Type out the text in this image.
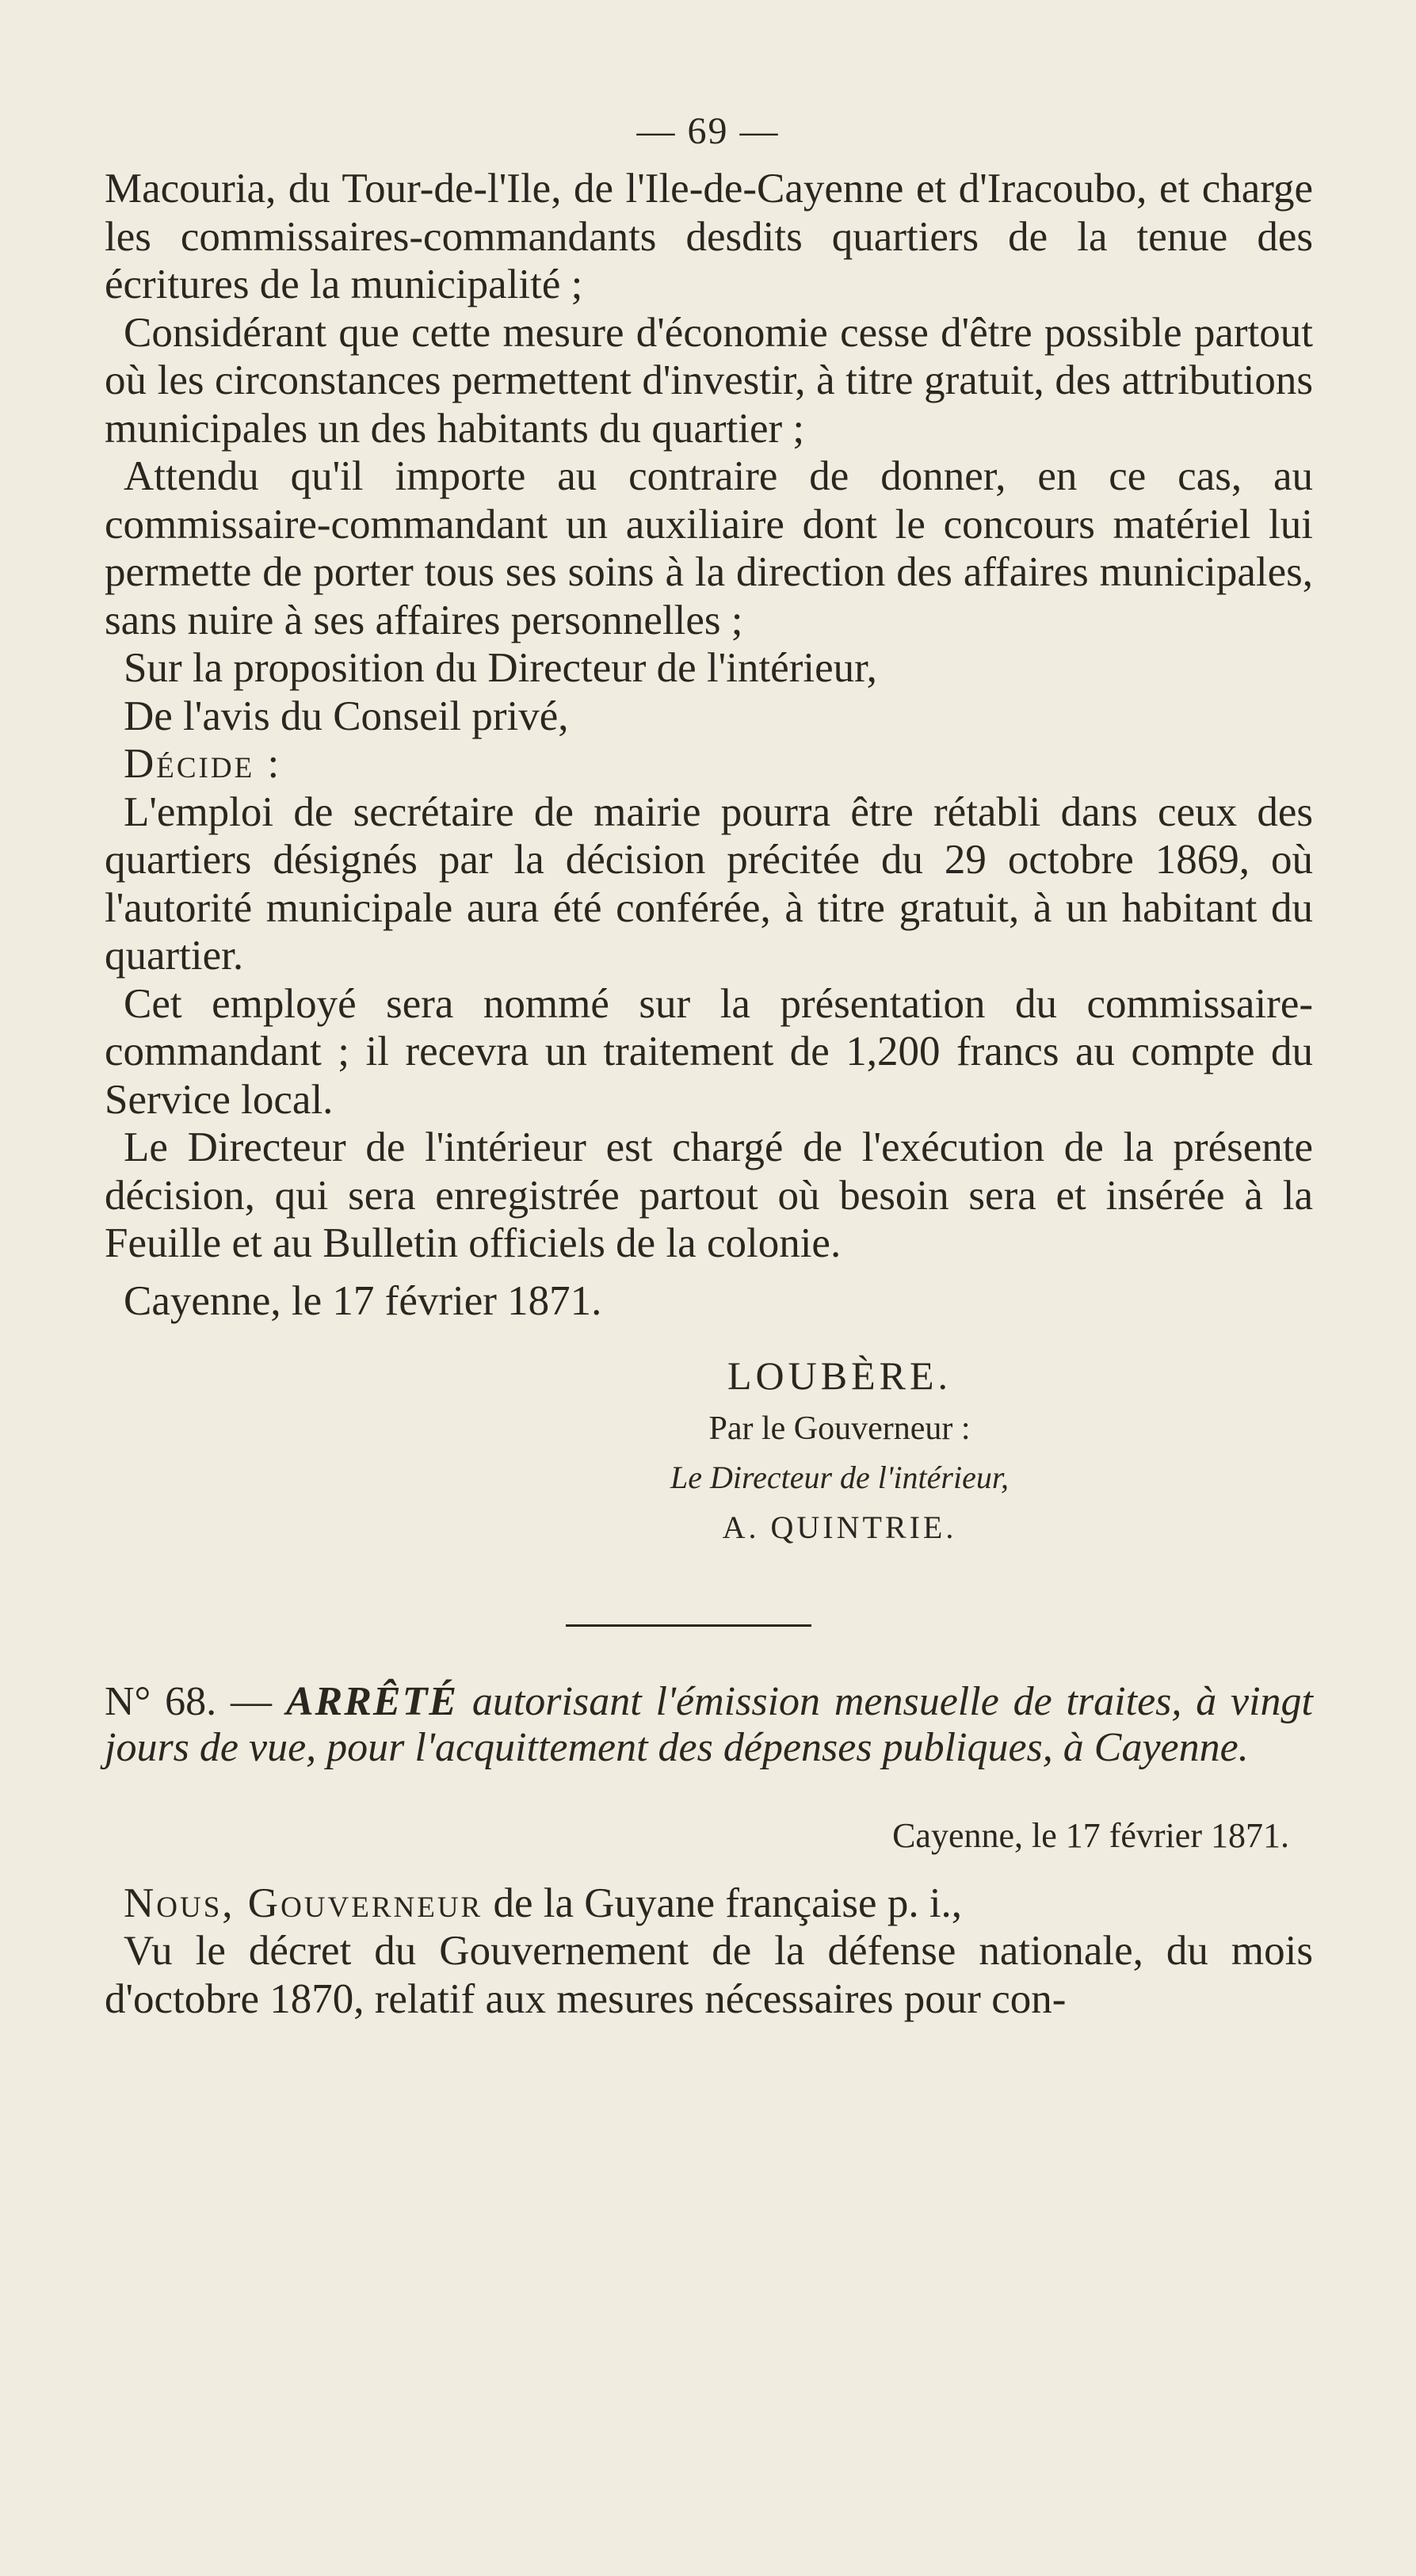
— 69 —

Macouria, du Tour-de-l'Ile, de l'Ile-de-Cayenne et d'Iracoubo, et charge les commissaires-commandants desdits quartiers de la tenue des écritures de la municipalité ;

Considérant que cette mesure d'économie cesse d'être possible partout où les circonstances permettent d'investir, à titre gratuit, des attributions municipales un des habitants du quartier ;

Attendu qu'il importe au contraire de donner, en ce cas, au commissaire-commandant un auxiliaire dont le concours matériel lui permette de porter tous ses soins à la direction des affaires municipales, sans nuire à ses affaires personnelles ;

Sur la proposition du Directeur de l'intérieur,

De l'avis du Conseil privé,

Décide :

L'emploi de secrétaire de mairie pourra être rétabli dans ceux des quartiers désignés par la décision précitée du 29 octobre 1869, où l'autorité municipale aura été conférée, à titre gratuit, à un habitant du quartier.

Cet employé sera nommé sur la présentation du commissaire-commandant ; il recevra un traitement de 1,200 francs au compte du Service local.

Le Directeur de l'intérieur est chargé de l'exécution de la présente décision, qui sera enregistrée partout où besoin sera et insérée à la Feuille et au Bulletin officiels de la colonie.

Cayenne, le 17 février 1871.

LOUBÈRE.
Par le Gouverneur :
Le Directeur de l'intérieur,
A. QUINTRIE.

N° 68. — ARRÊTÉ autorisant l'émission mensuelle de traites, à vingt jours de vue, pour l'acquittement des dépenses publiques, à Cayenne.

Cayenne, le 17 février 1871.

Nous, Gouverneur de la Guyane française p. i.,

Vu le décret du Gouvernement de la défense nationale, du mois d'octobre 1870, relatif aux mesures nécessaires pour con-
